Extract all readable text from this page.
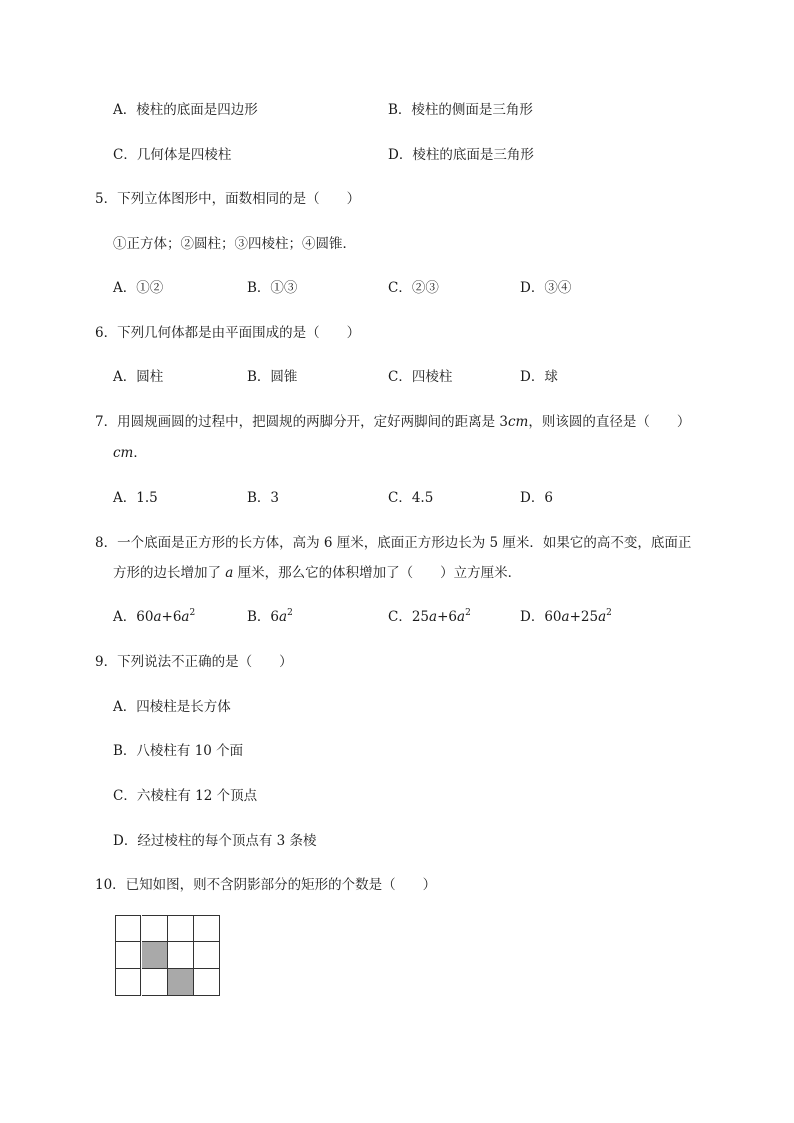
A．棱柱的底面是四边形	B．棱柱的侧面是三角形
C．几何体是四棱柱	D．棱柱的底面是三角形
5．下列立体图形中，面数相同的是（　　）
①正方体；②圆柱；③四棱柱；④圆锥．
A．①②	B．①③	C．②③	D．③④
6．下列几何体都是由平面围成的是（　　）
A．圆柱	B．圆锥	C．四棱柱	D．球
7．用圆规画圆的过程中，把圆规的两脚分开，定好两脚间的距离是 3cm，则该圆的直径是（　　）
cm．
A．1.5	B．3	C．4.5	D．6
8．一个底面是正方形的长方体，高为 6 厘米，底面正方形边长为 5 厘米．如果它的高不变，底面正
方形的边长增加了 a 厘米，那么它的体积增加了（　　）立方厘米．
A．$60a+6a^2$	B．$6a^2$	C．$25a+6a^2$	D．$60a+25a^2$
9．下列说法不正确的是（　　）
A．四棱柱是长方体
B．八棱柱有 10 个面
C．六棱柱有 12 个顶点
D．经过棱柱的每个顶点有 3 条棱
10．已知如图，则不含阴影部分的矩形的个数是（　　）
